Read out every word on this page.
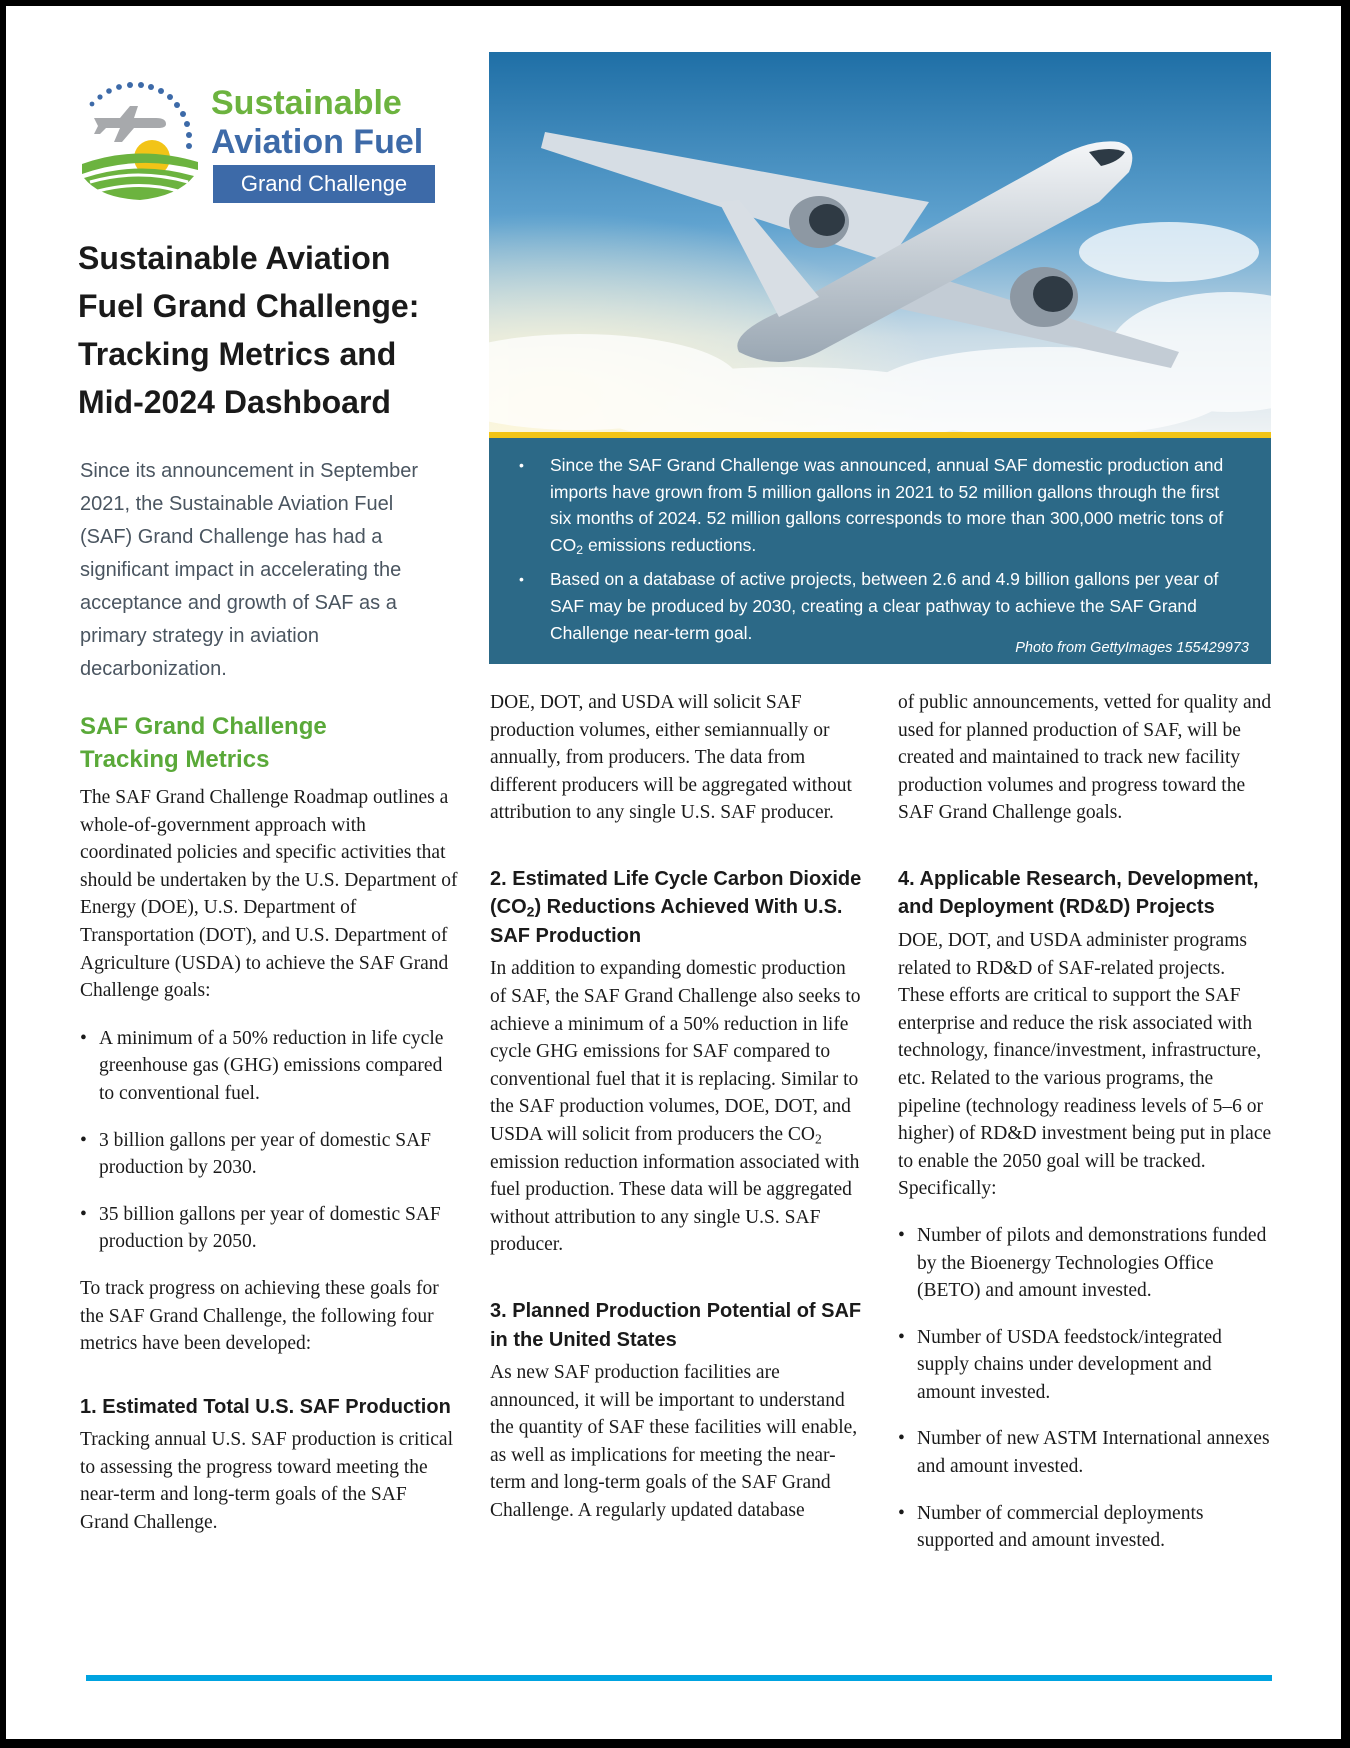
Sustainable
Aviation Fuel
Grand Challenge
Sustainable Aviation Fuel Grand Challenge: Tracking Metrics and Mid-2024 Dashboard
Since its announcement in September 2021, the Sustainable Aviation Fuel (SAF) Grand Challenge has had a significant impact in accelerating the acceptance and growth of SAF as a primary strategy in aviation decarbonization.
SAF Grand Challenge Tracking Metrics

The SAF Grand Challenge Roadmap outlines a whole-of-government approach with coordinated policies and specific activities that should be undertaken by the U.S. Department of Energy (DOE), U.S. Department of Transportation (DOT), and U.S. Department of Agriculture (USDA) to achieve the SAF Grand Challenge goals:

• A minimum of a 50% reduction in life cycle greenhouse gas (GHG) emissions compared to conventional fuel.
• 3 billion gallons per year of domestic SAF production by 2030.
• 35 billion gallons per year of domestic SAF production by 2050.

To track progress on achieving these goals for the SAF Grand Challenge, the following four metrics have been developed:

1. Estimated Total U.S. SAF Production

Tracking annual U.S. SAF production is critical to assessing the progress toward meeting the near-term and long-term goals of the SAF Grand Challenge.

• Since the SAF Grand Challenge was announced, annual SAF domestic production and imports have grown from 5 million gallons in 2021 to 52 million gallons through the first six months of 2024. 52 million gallons corresponds to more than 300,000 metric tons of $CO_2$ emissions reductions.
• Based on a database of active projects, between 2.6 and 4.9 billion gallons per year of SAF may be produced by 2030, creating a clear pathway to achieve the SAF Grand Challenge near-term goal.
Photo from GettyImages 155429973

DOE, DOT, and USDA will solicit SAF production volumes, either semiannually or annually, from producers. The data from different producers will be aggregated without attribution to any single U.S. SAF producer.

2. Estimated Life Cycle Carbon Dioxide $(CO_2)$ Reductions Achieved With U.S. SAF Production

In addition to expanding domestic production of SAF, the SAF Grand Challenge also seeks to achieve a minimum of a 50% reduction in life cycle GHG emissions for SAF compared to conventional fuel that it is replacing. Similar to the SAF production volumes, DOE, DOT, and USDA will solicit from producers the $CO_2$ emission reduction information associated with fuel production. These data will be aggregated without attribution to any single U.S. SAF producer.

3. Planned Production Potential of SAF in the United States

As new SAF production facilities are announced, it will be important to understand the quantity of SAF these facilities will enable, as well as implications for meeting the near-term and long-term goals of the SAF Grand Challenge. A regularly updated database

of public announcements, vetted for quality and used for planned production of SAF, will be created and maintained to track new facility production volumes and progress toward the SAF Grand Challenge goals.

4. Applicable Research, Development, and Deployment (RD&D) Projects

DOE, DOT, and USDA administer programs related to RD&D of SAF-related projects. These efforts are critical to support the SAF enterprise and reduce the risk associated with technology, finance/investment, infrastructure, etc. Related to the various programs, the pipeline (technology readiness levels of 5–6 or higher) of RD&D investment being put in place to enable the 2050 goal will be tracked. Specifically:

• Number of pilots and demonstrations funded by the Bioenergy Technologies Office (BETO) and amount invested.
• Number of USDA feedstock/integrated supply chains under development and amount invested.
• Number of new ASTM International annexes and amount invested.
• Number of commercial deployments supported and amount invested.
